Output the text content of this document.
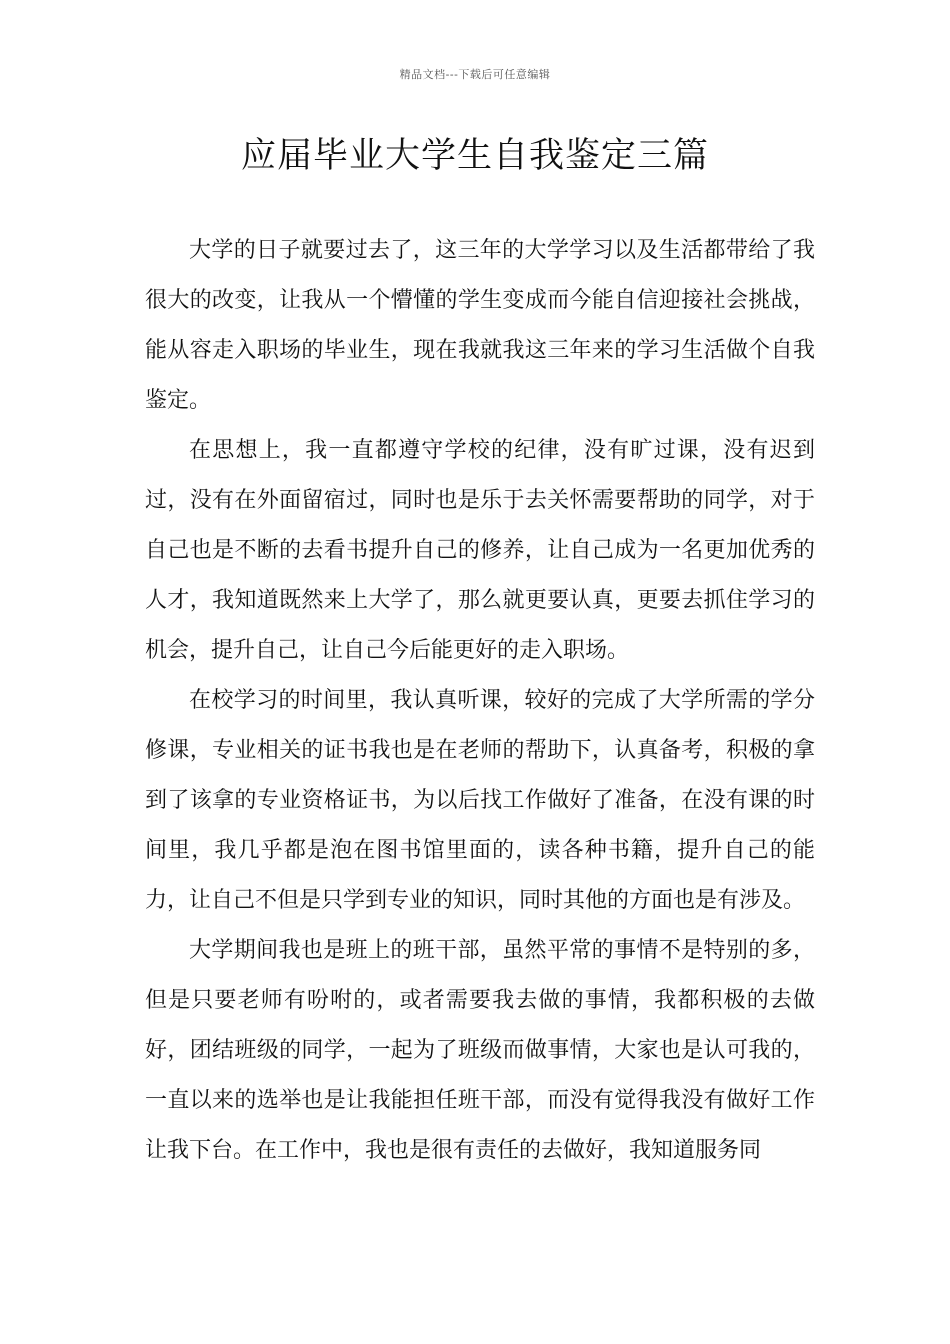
精品文档---下载后可任意编辑
应届毕业大学生自我鉴定三篇

大学的日子就要过去了，这三年的大学学习以及生活都带给了我很大的改变，让我从一个懵懂的学生变成而今能自信迎接社会挑战，能从容走入职场的毕业生，现在我就我这三年来的学习生活做个自我鉴定。

在思想上，我一直都遵守学校的纪律，没有旷过课，没有迟到过，没有在外面留宿过，同时也是乐于去关怀需要帮助的同学，对于自己也是不断的去看书提升自己的修养，让自己成为一名更加优秀的人才，我知道既然来上大学了，那么就更要认真，更要去抓住学习的机会，提升自己，让自己今后能更好的走入职场。

在校学习的时间里，我认真听课，较好的完成了大学所需的学分修课，专业相关的证书我也是在老师的帮助下，认真备考，积极的拿到了该拿的专业资格证书，为以后找工作做好了准备，在没有课的时间里，我几乎都是泡在图书馆里面的，读各种书籍，提升自己的能力，让自己不但是只学到专业的知识，同时其他的方面也是有涉及。

大学期间我也是班上的班干部，虽然平常的事情不是特别的多，但是只要老师有吩咐的，或者需要我去做的事情，我都积极的去做好，团结班级的同学，一起为了班级而做事情，大家也是认可我的，一直以来的选举也是让我能担任班干部，而没有觉得我没有做好工作让我下台。在工作中，我也是很有责任的去做好，我知道服务同
